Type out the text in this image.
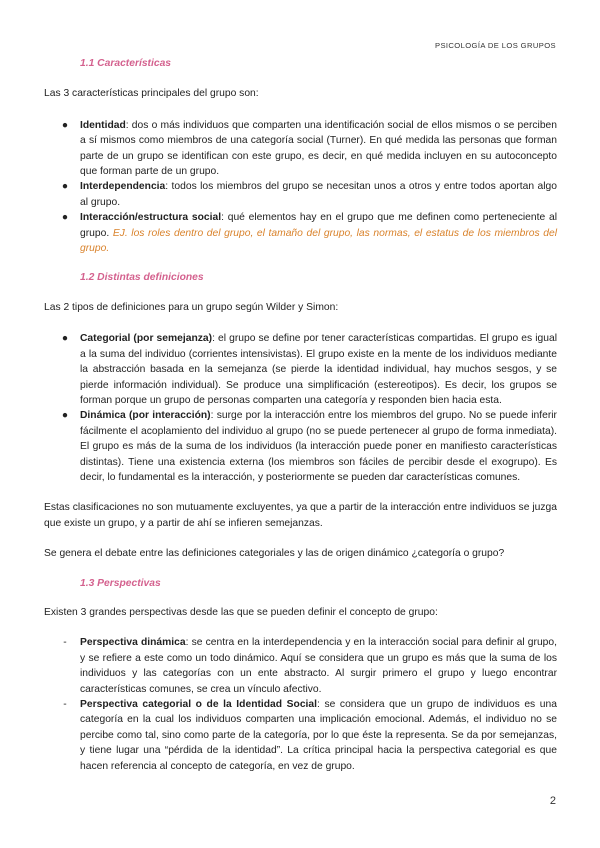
PSICOLOGÍA DE LOS GRUPOS
1.1 Características

Las 3 características principales del grupo son:

● Identidad: dos o más individuos que comparten una identificación social de ellos mismos o se perciben a sí mismos como miembros de una categoría social (Turner). En qué medida las personas que forman parte de un grupo se identifican con este grupo, es decir, en qué medida incluyen en su autoconcepto que forman parte de un grupo.
● Interdependencia: todos los miembros del grupo se necesitan unos a otros y entre todos aportan algo al grupo.
● Interacción/estructura social: qué elementos hay en el grupo que me definen como perteneciente al grupo. EJ. los roles dentro del grupo, el tamaño del grupo, las normas, el estatus de los miembros del grupo.
1.2 Distintas definiciones

Las 2 tipos de definiciones para un grupo según Wilder y Simon:

● Categorial (por semejanza): el grupo se define por tener características compartidas. El grupo es igual a la suma del individuo (corrientes intensivistas). El grupo existe en la mente de los individuos mediante la abstracción basada en la semejanza (se pierde la identidad individual, hay muchos sesgos, y se pierde información individual). Se produce una simplificación (estereotipos). Es decir, los grupos se forman porque un grupo de personas comparten una categoría y responden bien hacia esta.
● Dinámica (por interacción): surge por la interacción entre los miembros del grupo. No se puede inferir fácilmente el acoplamiento del individuo al grupo (no se puede pertenecer al grupo de forma inmediata). El grupo es más de la suma de los individuos (la interacción puede poner en manifiesto características distintas). Tiene una existencia externa (los miembros son fáciles de percibir desde el exogrupo). Es decir, lo fundamental es la interacción, y posteriormente se pueden dar características comunes.

Estas clasificaciones no son mutuamente excluyentes, ya que a partir de la interacción entre individuos se juzga que existe un grupo, y a partir de ahí se infieren semejanzas.

Se genera el debate entre las definiciones categoriales y las de origen dinámico ¿categoría o grupo?

1.3 Perspectivas

Existen 3 grandes perspectivas desde las que se pueden definir el concepto de grupo:

-	Perspectiva dinámica: se centra en la interdependencia y en la interacción social para definir al grupo, y se refiere a este como un todo dinámico. Aquí se considera que un grupo es más que la suma de los individuos y las categorías con un ente abstracto. Al surgir primero el grupo y luego encontrar características comunes, se crea un vínculo afectivo.
-	Perspectiva categorial o de la Identidad Social: se considera que un grupo de individuos es una categoría en la cual los individuos comparten una implicación emocional. Además, el individuo no se percibe como tal, sino como parte de la categoría, por lo que éste la representa. Se da por semejanzas, y tiene lugar una “pérdida de la identidad”. La crítica principal hacia la perspectiva categorial es que hacen referencia al concepto de categoría, en vez de grupo.
2
